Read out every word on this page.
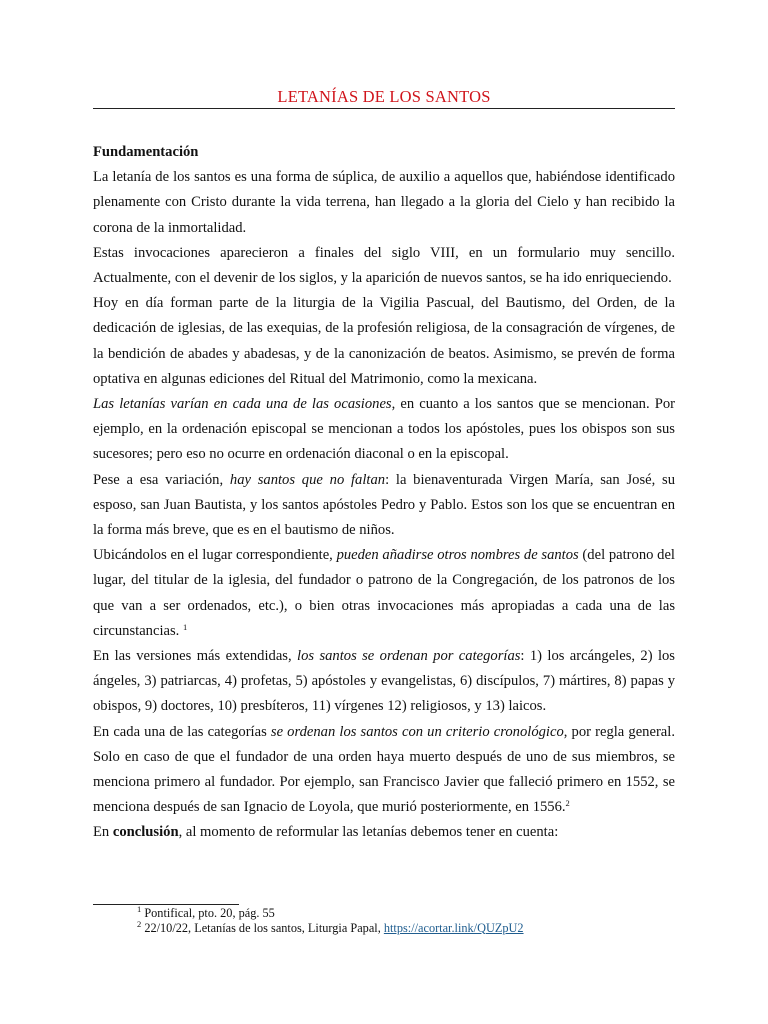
LETANÍAS DE LOS SANTOS

Fundamentación

La letanía de los santos es una forma de súplica, de auxilio a aquellos que, habiéndose identificado plenamente con Cristo durante la vida terrena, han llegado a la gloria del Cielo y han recibido la corona de la inmortalidad.

Estas invocaciones aparecieron a finales del siglo VIII, en un formulario muy sencillo. Actualmente, con el devenir de los siglos, y la aparición de nuevos santos, se ha ido enriqueciendo.

Hoy en día forman parte de la liturgia de la Vigilia Pascual, del Bautismo, del Orden, de la dedicación de iglesias, de las exequias, de la profesión religiosa, de la consagración de vírgenes, de la bendición de abades y abadesas, y de la canonización de beatos. Asimismo, se prevén de forma optativa en algunas ediciones del Ritual del Matrimonio, como la mexicana.

Las letanías varían en cada una de las ocasiones, en cuanto a los santos que se mencionan. Por ejemplo, en la ordenación episcopal se mencionan a todos los apóstoles, pues los obispos son sus sucesores; pero eso no ocurre en ordenación diaconal o en la episcopal.

Pese a esa variación, hay santos que no faltan: la bienaventurada Virgen María, san José, su esposo, san Juan Bautista, y los santos apóstoles Pedro y Pablo. Estos son los que se encuentran en la forma más breve, que es en el bautismo de niños.

Ubicándolos en el lugar correspondiente, pueden añadirse otros nombres de santos (del patrono del lugar, del titular de la iglesia, del fundador o patrono de la Congregación, de los patronos de los que van a ser ordenados, etc.), o bien otras invocaciones más apropiadas a cada una de las circunstancias. $^1$

En las versiones más extendidas, los santos se ordenan por categorías: 1) los arcángeles, 2) los ángeles, 3) patriarcas, 4) profetas, 5) apóstoles y evangelistas, 6) discípulos, 7) mártires, 8) papas y obispos, 9) doctores, 10) presbíteros, 11) vírgenes 12) religiosos, y 13) laicos.

En cada una de las categorías se ordenan los santos con un criterio cronológico, por regla general. Solo en caso de que el fundador de una orden haya muerto después de uno de sus miembros, se menciona primero al fundador. Por ejemplo, san Francisco Javier que falleció primero en 1552, se menciona después de san Ignacio de Loyola, que murió posteriormente, en 1556.$^2$

En conclusión, al momento de reformular las letanías debemos tener en cuenta:

$^1$ Pontifical, pto. 20, pág. 55

$^2$ 22/10/22, Letanías de los santos, Liturgia Papal, https://acortar.link/QUZpU2
